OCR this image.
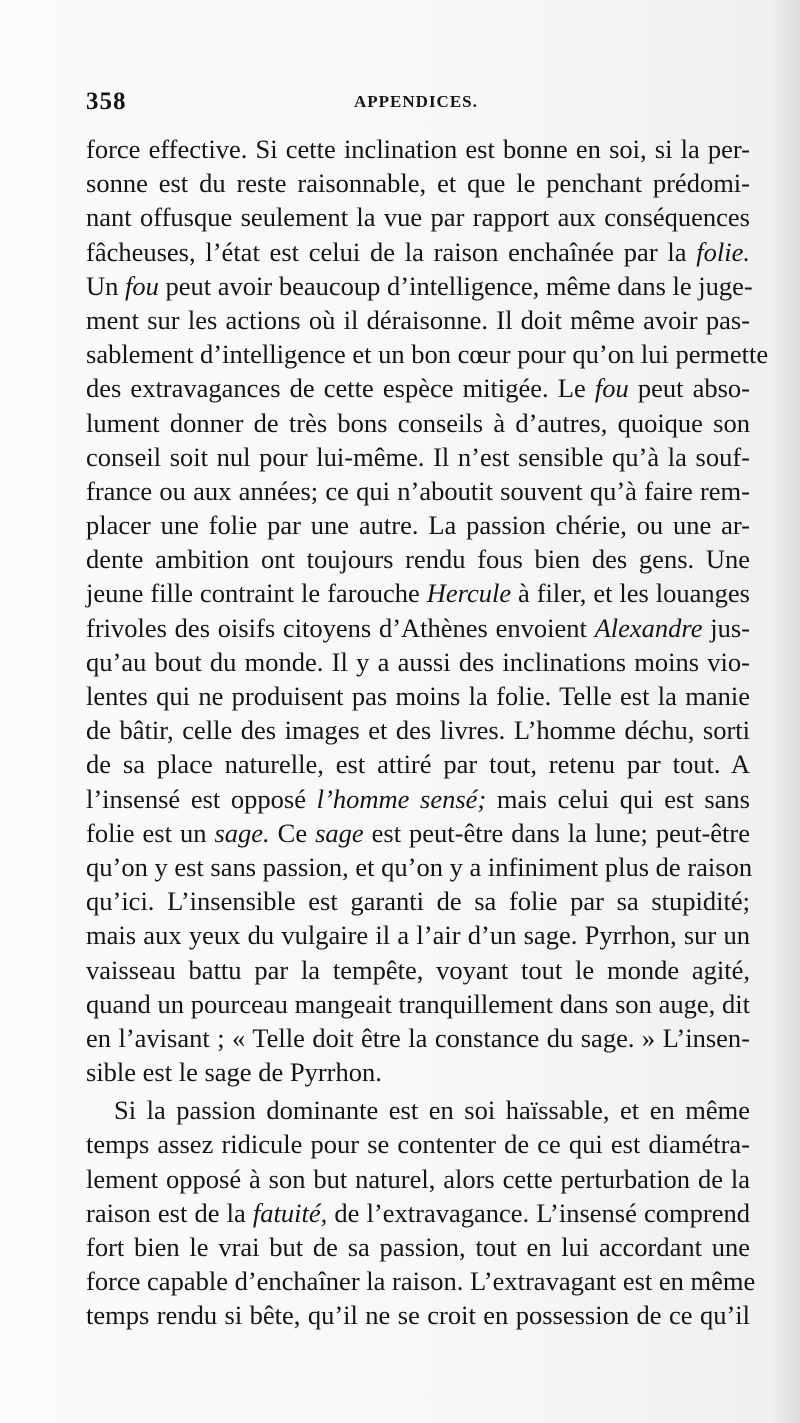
358	APPENDICES.
force effective. Si cette inclination est bonne en soi, si la per-
sonne est du reste raisonnable, et que le penchant prédomi-
nant offusque seulement la vue par rapport aux conséquences
fâcheuses, l’état est celui de la raison enchaînée par la folie.
Un fou peut avoir beaucoup d’intelligence, même dans le juge-
ment sur les actions où il déraisonne. Il doit même avoir pas-
sablement d’intelligence et un bon cœur pour qu’on lui permette
des extravagances de cette espèce mitigée. Le fou peut abso-
lument donner de très bons conseils à d’autres, quoique son
conseil soit nul pour lui-même. Il n’est sensible qu’à la souf-
france ou aux années; ce qui n’aboutit souvent qu’à faire rem-
placer une folie par une autre. La passion chérie, ou une ar-
dente ambition ont toujours rendu fous bien des gens. Une
jeune fille contraint le farouche Hercule à filer, et les louanges
frivoles des oisifs citoyens d’Athènes envoient Alexandre jus-
qu’au bout du monde. Il y a aussi des inclinations moins vio-
lentes qui ne produisent pas moins la folie. Telle est la manie
de bâtir, celle des images et des livres. L’homme déchu, sorti
de sa place naturelle, est attiré par tout, retenu par tout. A
l’insensé est opposé l’homme sensé; mais celui qui est sans
folie est un sage. Ce sage est peut-être dans la lune; peut-être
qu’on y est sans passion, et qu’on y a infiniment plus de raison
qu’ici. L’insensible est garanti de sa folie par sa stupidité;
mais aux yeux du vulgaire il a l’air d’un sage. Pyrrhon, sur un
vaisseau battu par la tempête, voyant tout le monde agité,
quand un pourceau mangeait tranquillement dans son auge, dit
en l’avisant ; « Telle doit être la constance du sage. » L’insen-
sible est le sage de Pyrrhon.
Si la passion dominante est en soi haïssable, et en même
temps assez ridicule pour se contenter de ce qui est diamétra-
lement opposé à son but naturel, alors cette perturbation de la
raison est de la fatuité, de l’extravagance. L’insensé comprend
fort bien le vrai but de sa passion, tout en lui accordant une
force capable d’enchaîner la raison. L’extravagant est en même
temps rendu si bête, qu’il ne se croit en possession de ce qu’il
